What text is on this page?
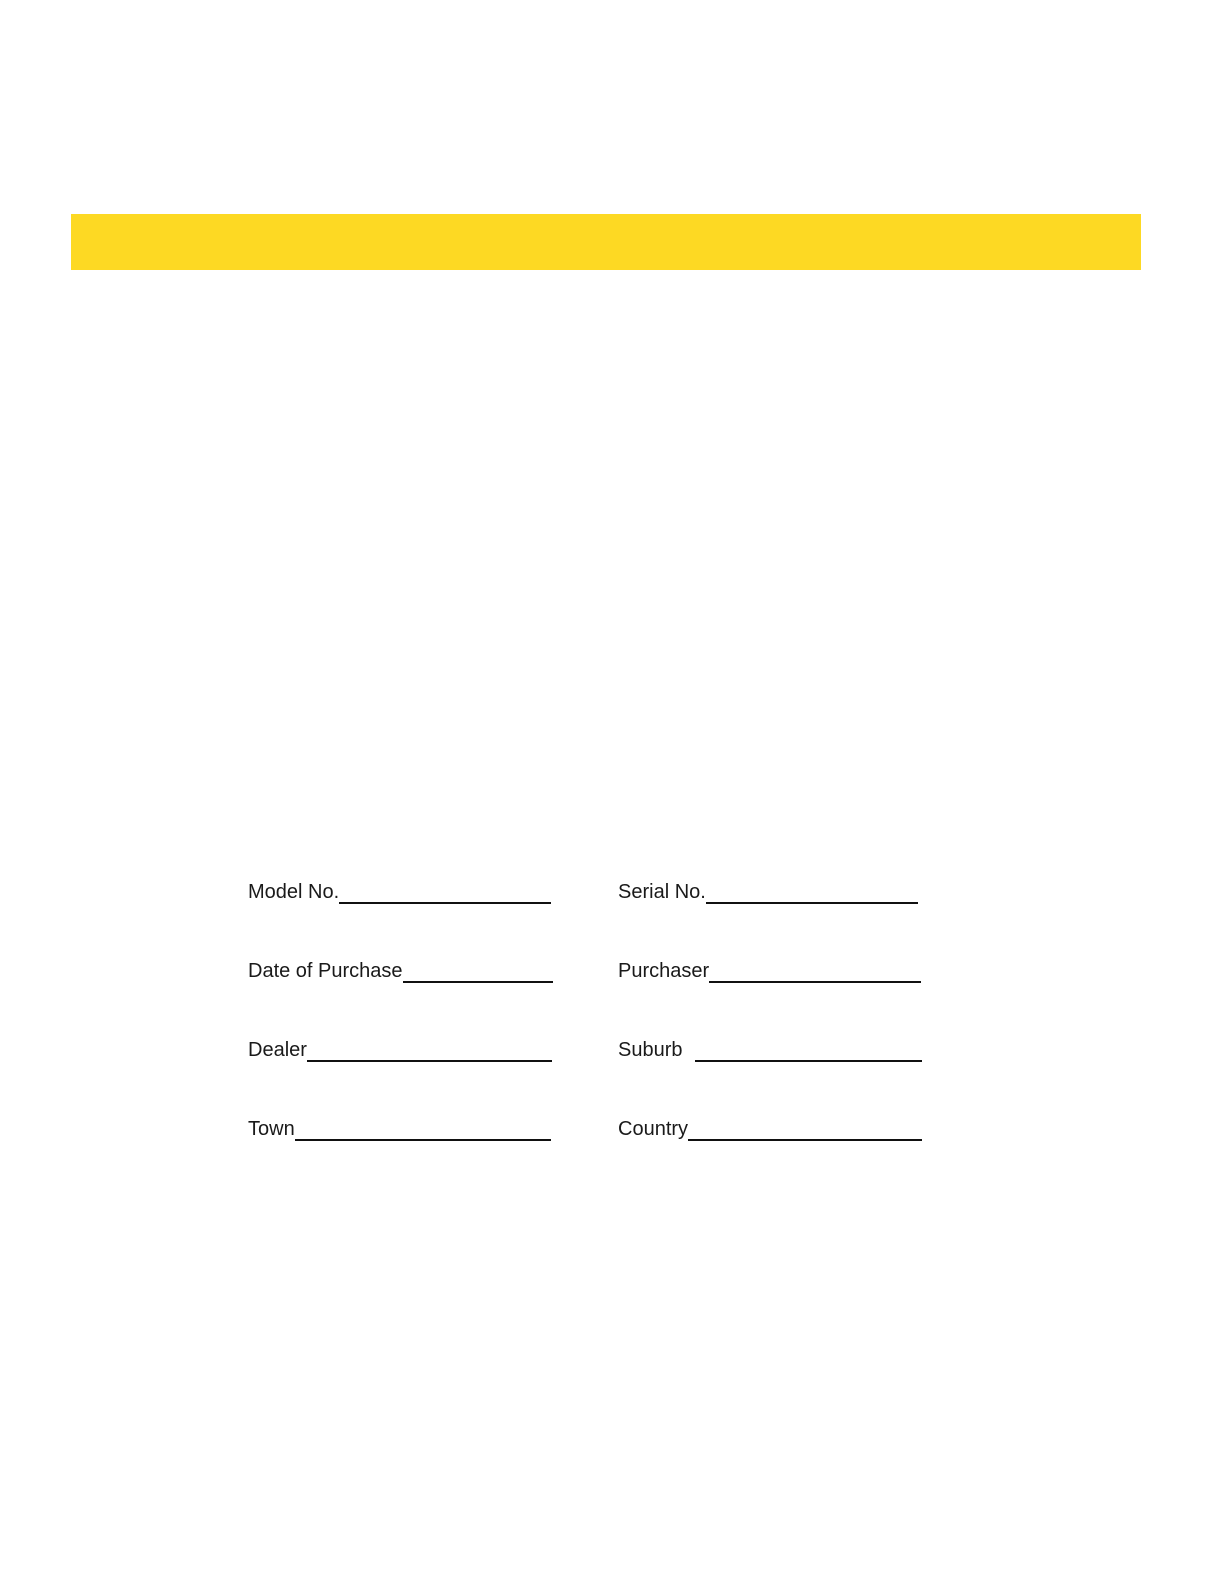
Model No.	Serial No.
Date of Purchase	Purchaser
Dealer	Suburb
Town	Country
